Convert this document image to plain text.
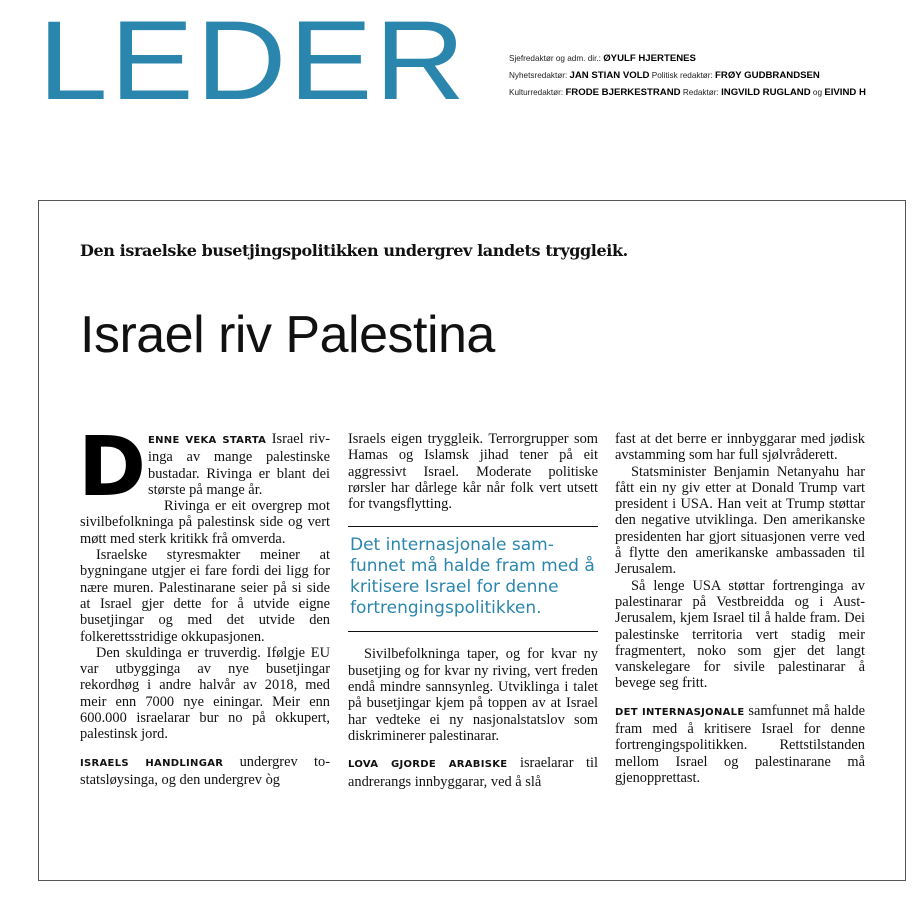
LEDER	Sjefredaktør og adm. dir.: ØYULF HJERTENES
Nyhetsredaktør: JAN STIAN VOLD Politisk redaktør: FRØY GUDBRANDSEN
Kulturredaktør: FRODE BJERKESTRAND Redaktør: INGVILD RUGLAND og EIVIND H

Den israelske busetjingspolitikken undergrev landets tryggleik.

Israel riv Palestina

DENNE VEKA STARTA Israel rivinga av mange palestinske bustadar. Rivinga er blant dei største på mange år.

Rivinga er eit overgrep mot sivilbefolkninga på palestinsk side og vert møtt med sterk kritikk frå omverda.

Israelske styresmakter meiner at bygningane utgjer ei fare fordi dei ligg for nære muren. Palestinarane seier på si side at Israel gjer dette for å utvide eigne busetjingar og med det utvide den folkerettsstridige okkupasjonen.

Den skuldinga er truverdig. Ifølgje EU var utbygginga av nye busetjingar rekordhøg i andre halvår av 2018, med meir enn 7000 nye einingar. Meir enn 600.000 israelarar bur no på okkupert, palestinsk jord.

ISRAELS HANDLINGAR undergrev to-statsløysinga, og den undergrev òg

Israels eigen tryggleik. Terrorgrupper som Hamas og Islamsk jihad tener på eit aggressivt Israel. Moderate politiske rørsler har dårlege kår når folk vert utsett for tvangsflytting.

Det internasjonale samfunnet må halde fram med å kritisere Israel for denne fortrengingspolitikken.

Sivilbefolkninga taper, og for kvar ny busetjing og for kvar ny riving, vert freden endå mindre sannsynleg. Utviklinga i talet på busetjingar kjem på toppen av at Israel har vedteke ei ny nasjonalstatslov som diskriminerer palestinarar.

LOVA GJORDE ARABISKE israelarar til andrerangs innbyggarar, ved å slå

fast at det berre er innbyggarar med jødisk avstamming som har full sjølvråderett.

Statsminister Benjamin Netanyahu har fått ein ny giv etter at Donald Trump vart president i USA. Han veit at Trump støttar den negative utviklinga. Den amerikanske presidenten har gjort situasjonen verre ved å flytte den amerikanske ambassaden til Jerusalem.

Så lenge USA støttar fortrenginga av palestinarar på Vestbreidda og i Aust-Jerusalem, kjem Israel til å halde fram. Dei palestinske territoria vert stadig meir fragmentert, noko som gjer det langt vanskelegare for sivile palestinarar å bevege seg fritt.

DET INTERNASJONALE samfunnet må halde fram med å kritisere Israel for denne fortrengingspolitikken. Rettstilstanden mellom Israel og palestinarane må gjenopprettast.
